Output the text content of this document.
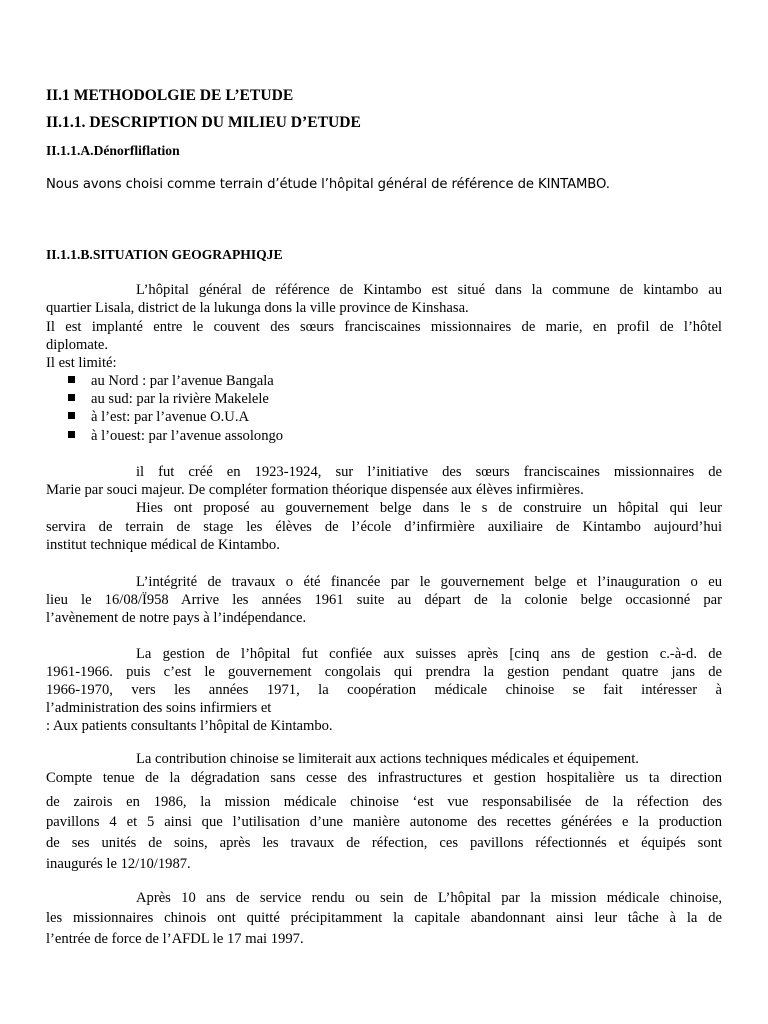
II.1 METHODOLGIE DE L’ETUDE
II.1.1. DESCRIPTION DU MILIEU D’ETUDE
II.1.1.A.Dénorfliflation
Nous avons choisi comme terrain d’étude l’hôpital général de référence de KINTAMBO.
II.1.1.B.SITUATION GEOGRAPHIQJE
L’hôpital général de référence de Kintambo est situé dans la commune de kintambo au
quartier Lisala, district de la lukunga dons la ville province de Kinshasa.
Il est implanté entre le couvent des sœurs franciscaines missionnaires de marie, en profil de l’hôtel
diplomate.
Il est limité:
au Nord : par l’avenue Bangala
au sud: par la rivière Makelele
à l’est: par l’avenue O.U.A
à l’ouest: par l’avenue assolongo
il fut créé en 1923-1924, sur l’initiative des sœurs franciscaines missionnaires de
Marie par souci majeur. De compléter formation théorique dispensée aux élèves infirmières.
Hies ont proposé au gouvernement belge dans le s de construire un hôpital qui leur
servira de terrain de stage les élèves de l’école d’infirmière auxiliaire de Kintambo aujourd’hui
institut technique médical de Kintambo.
L’intégrité de travaux o été financée par le gouvernement belge et l’inauguration o eu
lieu le 16/08/Ï958 Arrive les années 1961 suite au départ de la colonie belge occasionné par
l’avènement de notre pays à l’indépendance.
La gestion de l’hôpital fut confiée aux suisses après [cinq ans de gestion c.-à-d. de
1961-1966. puis c’est le gouvernement congolais qui prendra la gestion pendant quatre jans de
1966-1970, vers les années 1971, la coopération médicale chinoise se fait intéresser à
l’administration des soins infirmiers et
: Aux patients consultants l’hôpital de Kintambo.
La contribution chinoise se limiterait aux actions techniques médicales et équipement.
Compte tenue de la dégradation sans cesse des infrastructures et gestion hospitalière us ta direction
de zairois en 1986, la mission médicale chinoise ‘est vue responsabilisée de la réfection des
pavillons 4 et 5 ainsi que l’utilisation d’une manière autonome des recettes générées e la production
de ses unités de soins, après les travaux de réfection, ces pavillons réfectionnés et équipés sont
inaugurés le 12/10/1987.
Après 10 ans de service rendu ou sein de L’hôpital par la mission médicale chinoise,
les missionnaires chinois ont quitté précipitamment la capitale abandonnant ainsi leur tâche à la de
l’entrée de force de l’AFDL le 17 mai 1997.
